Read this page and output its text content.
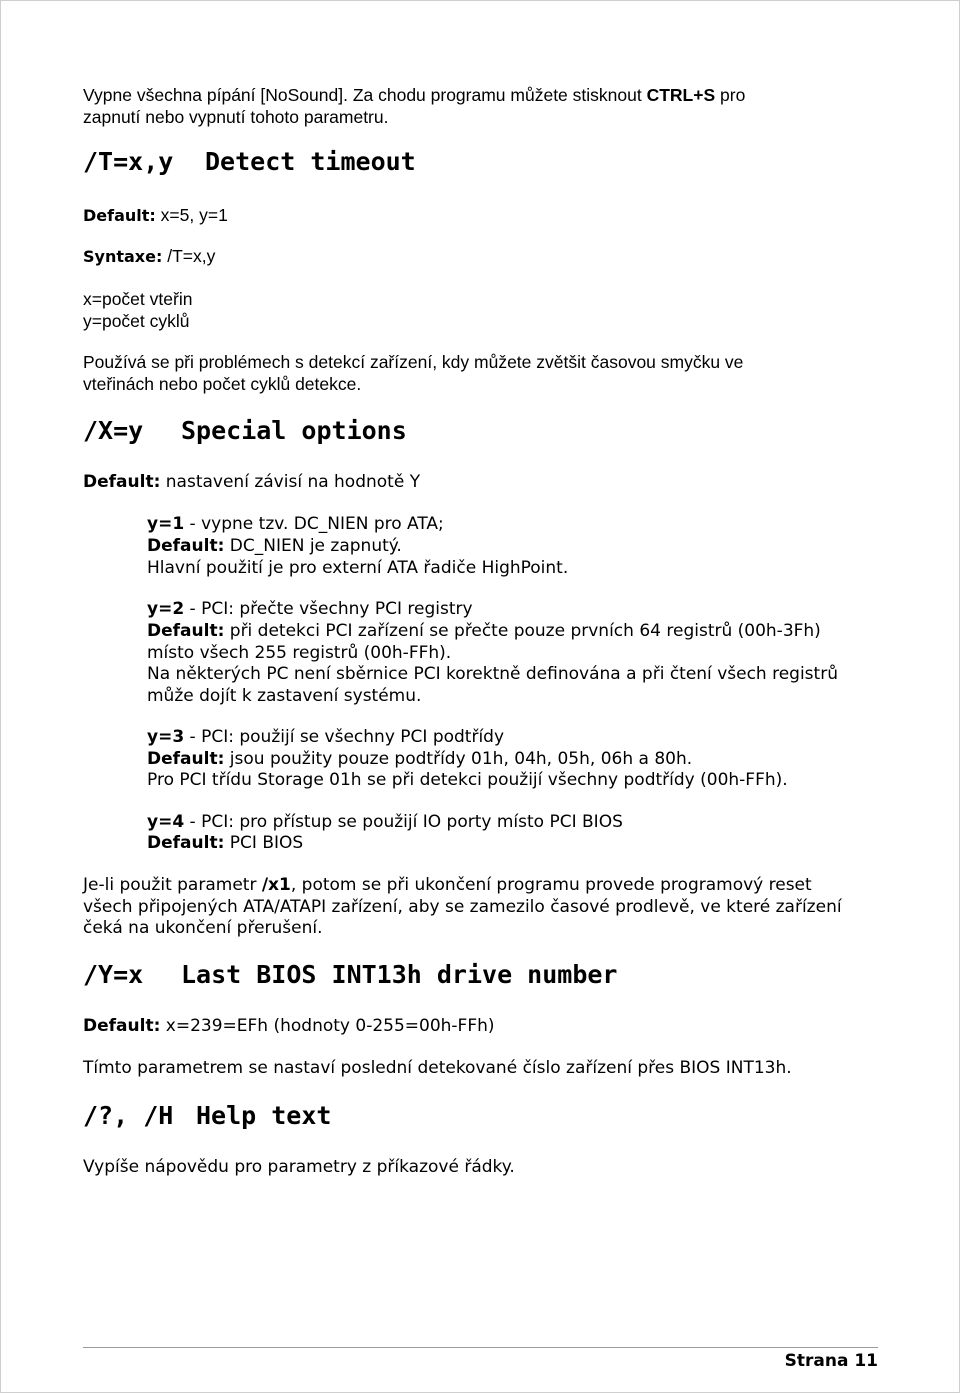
Vypne všechna pípání [NoSound]. Za chodu programu můžete stisknout CTRL+S pro
zapnutí nebo vypnutí tohoto parametru.
/T=x,y Detect timeout
Default: x=5, y=1
Syntaxe: /T=x,y
x=počet vteřin
y=počet cyklů
Používá se při problémech s detekcí zařízení, kdy můžete zvětšit časovou smyčku ve
vteřinách nebo počet cyklů detekce.
/X=y Special options
Default: nastavení závisí na hodnotě Y
y=1 - vypne tzv. DC_NIEN pro ATA;
Default: DC_NIEN je zapnutý.
Hlavní použití je pro externí ATA řadiče HighPoint.
y=2 - PCI: přečte všechny PCI registry
Default: při detekci PCI zařízení se přečte pouze prvních 64 registrů (00h-3Fh)
místo všech 255 registrů (00h-FFh).
Na některých PC není sběrnice PCI korektně definována a při čtení všech registrů
může dojít k zastavení systému.
y=3 - PCI: použijí se všechny PCI podtřídy
Default: jsou použity pouze podtřídy 01h, 04h, 05h, 06h a 80h.
Pro PCI třídu Storage 01h se při detekci použijí všechny podtřídy (00h-FFh).
y=4 - PCI: pro přístup se použijí IO porty místo PCI BIOS
Default: PCI BIOS
Je-li použit parametr /x1, potom se při ukončení programu provede programový reset
všech připojených ATA/ATAPI zařízení, aby se zamezilo časové prodlevě, ve které zařízení
čeká na ukončení přerušení.
/Y=x Last BIOS INT13h drive number
Default: x=239=EFh (hodnoty 0-255=00h-FFh)
Tímto parametrem se nastaví poslední detekované číslo zařízení přes BIOS INT13h.
/?, /H Help text
Vypíše nápovědu pro parametry z příkazové řádky.
Strana 11
